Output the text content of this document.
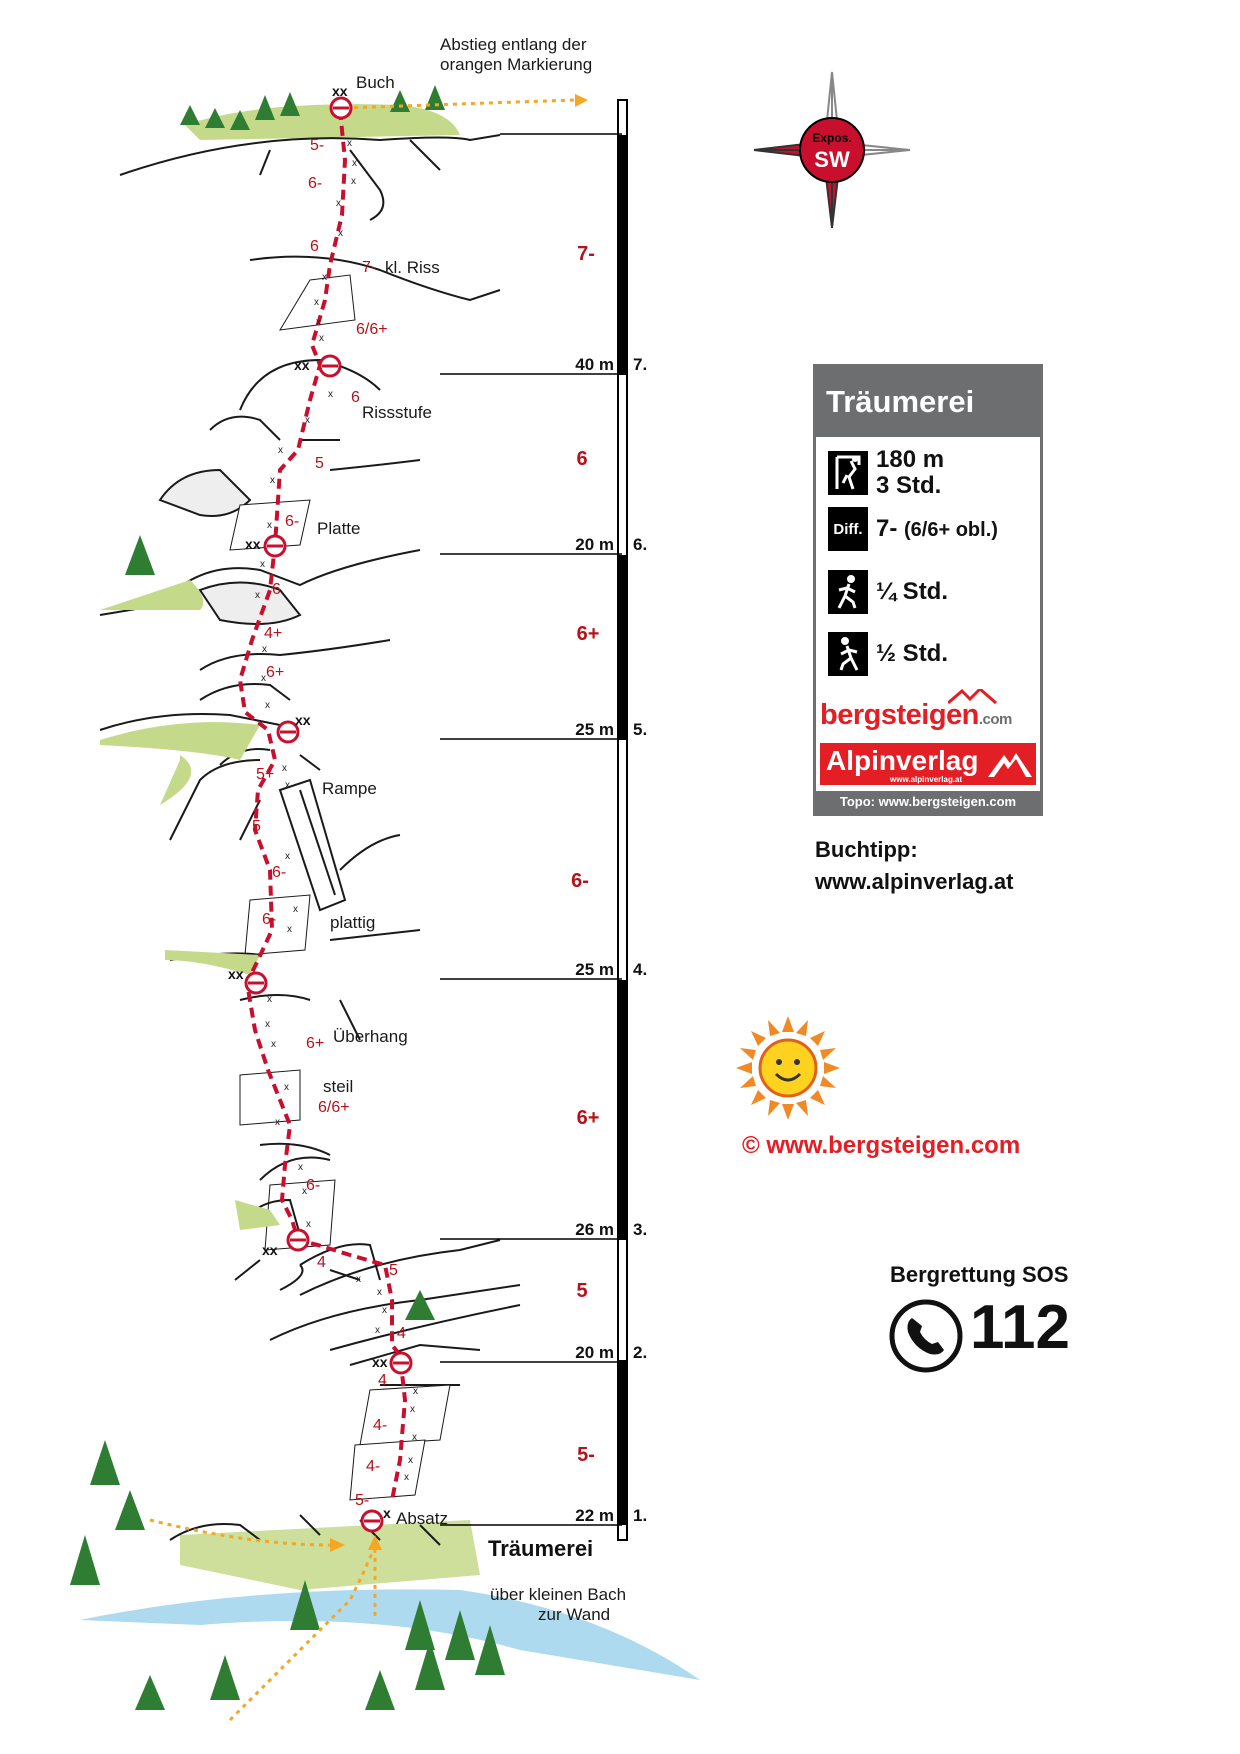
xx
xx
xx
xx
xx
xx
xx
x
x
x
x
x
x
x
x
x
x
x
x
x
x
x
x
x
x
x
x
x
x
x
x
x
x
x
x
x
x
x
x
x
x
x
x
x
x
x
x
x
x
5-
6-
6
7-
6/6+
6
5
6-
6
4+
6+
5+
5
6-
6-
6+
6/6+
6-
4	5
4
4
4-
4-
5-
Buch
kl. Riss
Rissstufe
Platte
Rampe
plattig
Überhang
steil
Absatz
Abstieg entlang der
orangen Markierung
über kleinen Bach
zur Wand
Träumerei
22 m 1.
5-
20 m 2.
5
26 m 3.
6+
25 m 4.
6-
25 m 5.
6+
20 m 6.
6
40 m 7.
7-
Expos.
SW
Träumerei
180 m
3 Std.
Diff. 7- (6/6+ obl.)
¼ Std.
½ Std.
bergsteigen.com
Alpinverlag
www.alpinverlag.at
Topo: www.bergsteigen.com
Buchtipp:
www.alpinverlag.at
© www.bergsteigen.com
Bergrettung SOS
112
